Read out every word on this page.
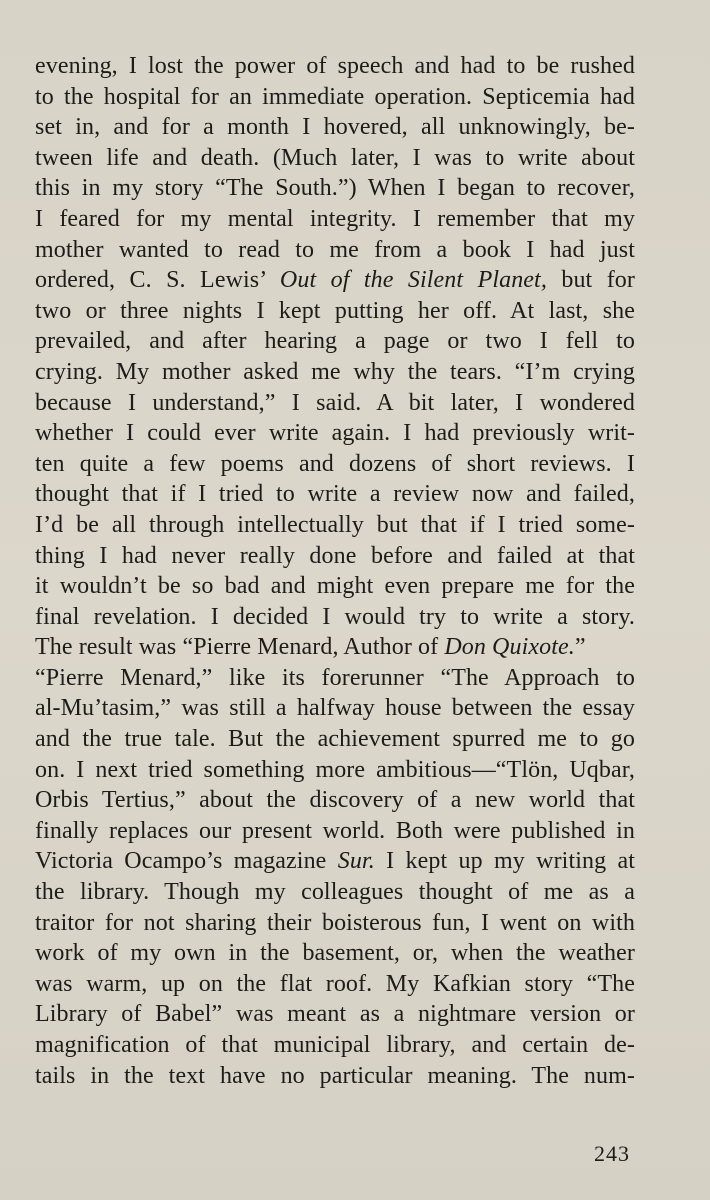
evening, I lost the power of speech and had to be rushed
to the hospital for an immediate operation. Septicemia had
set in, and for a month I hovered, all unknowingly, be-
tween life and death. (Much later, I was to write about
this in my story “The South.”) When I began to recover,
I feared for my mental integrity. I remember that my
mother wanted to read to me from a book I had just
ordered, C. S. Lewis’ Out of the Silent Planet, but for
two or three nights I kept putting her off. At last, she
prevailed, and after hearing a page or two I fell to
crying. My mother asked me why the tears. “I’m crying
because I understand,” I said. A bit later, I wondered
whether I could ever write again. I had previously writ-
ten quite a few poems and dozens of short reviews. I
thought that if I tried to write a review now and failed,
I’d be all through intellectually but that if I tried some-
thing I had never really done before and failed at that
it wouldn’t be so bad and might even prepare me for the
final revelation. I decided I would try to write a story.
The result was “Pierre Menard, Author of Don Quixote.”
“Pierre Menard,” like its forerunner “The Approach to
al-Mu’tasim,” was still a halfway house between the essay
and the true tale. But the achievement spurred me to go
on. I next tried something more ambitious—“Tlön, Uqbar,
Orbis Tertius,” about the discovery of a new world that
finally replaces our present world. Both were published in
Victoria Ocampo’s magazine Sur. I kept up my writing at
the library. Though my colleagues thought of me as a
traitor for not sharing their boisterous fun, I went on with
work of my own in the basement, or, when the weather
was warm, up on the flat roof. My Kafkian story “The
Library of Babel” was meant as a nightmare version or
magnification of that municipal library, and certain de-
tails in the text have no particular meaning. The num-
243
